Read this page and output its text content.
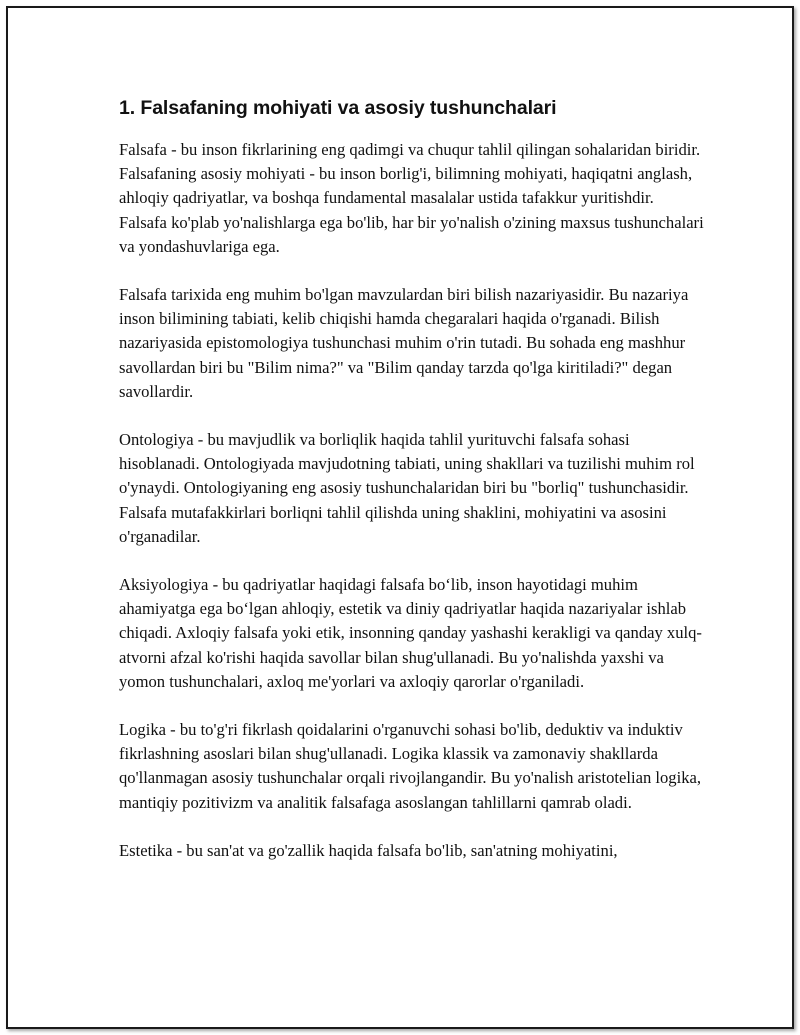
1. Falsafaning mohiyati va asosiy tushunchalari

Falsafa - bu inson fikrlarining eng qadimgi va chuqur tahlil qilingan sohalaridan biridir. Falsafaning asosiy mohiyati - bu inson borlig'i, bilimning mohiyati, haqiqatni anglash, ahloqiy qadriyatlar, va boshqa fundamental masalalar ustida tafakkur yuritishdir. Falsafa ko'plab yo'nalishlarga ega bo'lib, har bir yo'nalish o'zining maxsus tushunchalari va yondashuvlariga ega.

Falsafa tarixida eng muhim bo'lgan mavzulardan biri bilish nazariyasidir. Bu nazariya inson bilimining tabiati, kelib chiqishi hamda chegaralari haqida o'rganadi. Bilish nazariyasida epistomologiya tushunchasi muhim o'rin tutadi. Bu sohada eng mashhur savollardan biri bu "Bilim nima?" va "Bilim qanday tarzda qo'lga kiritiladi?" degan savollardir.

Ontologiya - bu mavjudlik va borliqlik haqida tahlil yurituvchi falsafa sohasi hisoblanadi. Ontologiyada mavjudotning tabiati, uning shakllari va tuzilishi muhim rol o'ynaydi. Ontologiyaning eng asosiy tushunchalaridan biri bu "borliq" tushunchasidir. Falsafa mutafakkirlari borliqni tahlil qilishda uning shaklini, mohiyatini va asosini o'rganadilar.

Aksiyologiya - bu qadriyatlar haqidagi falsafa bo‘lib, inson hayotidagi muhim ahamiyatga ega bo‘lgan ahloqiy, estetik va diniy qadriyatlar haqida nazariyalar ishlab chiqadi. Axloqiy falsafa yoki etik, insonning qanday yashashi kerakligi va qanday xulq-atvorni afzal ko'rishi haqida savollar bilan shug'ullanadi. Bu yo'nalishda yaxshi va yomon tushunchalari, axloq me'yorlari va axloqiy qarorlar o'rganiladi.

Logika - bu to'g'ri fikrlash qoidalarini o'rganuvchi sohasi bo'lib, deduktiv va induktiv fikrlashning asoslari bilan shug'ullanadi. Logika klassik va zamonaviy shakllarda qo'llanmagan asosiy tushunchalar orqali rivojlangandir. Bu yo'nalish aristotelian logika, mantiqiy pozitivizm va analitik falsafaga asoslangan tahlillarni qamrab oladi.

Estetika - bu san'at va go'zallik haqida falsafa bo'lib, san'atning mohiyatini,
